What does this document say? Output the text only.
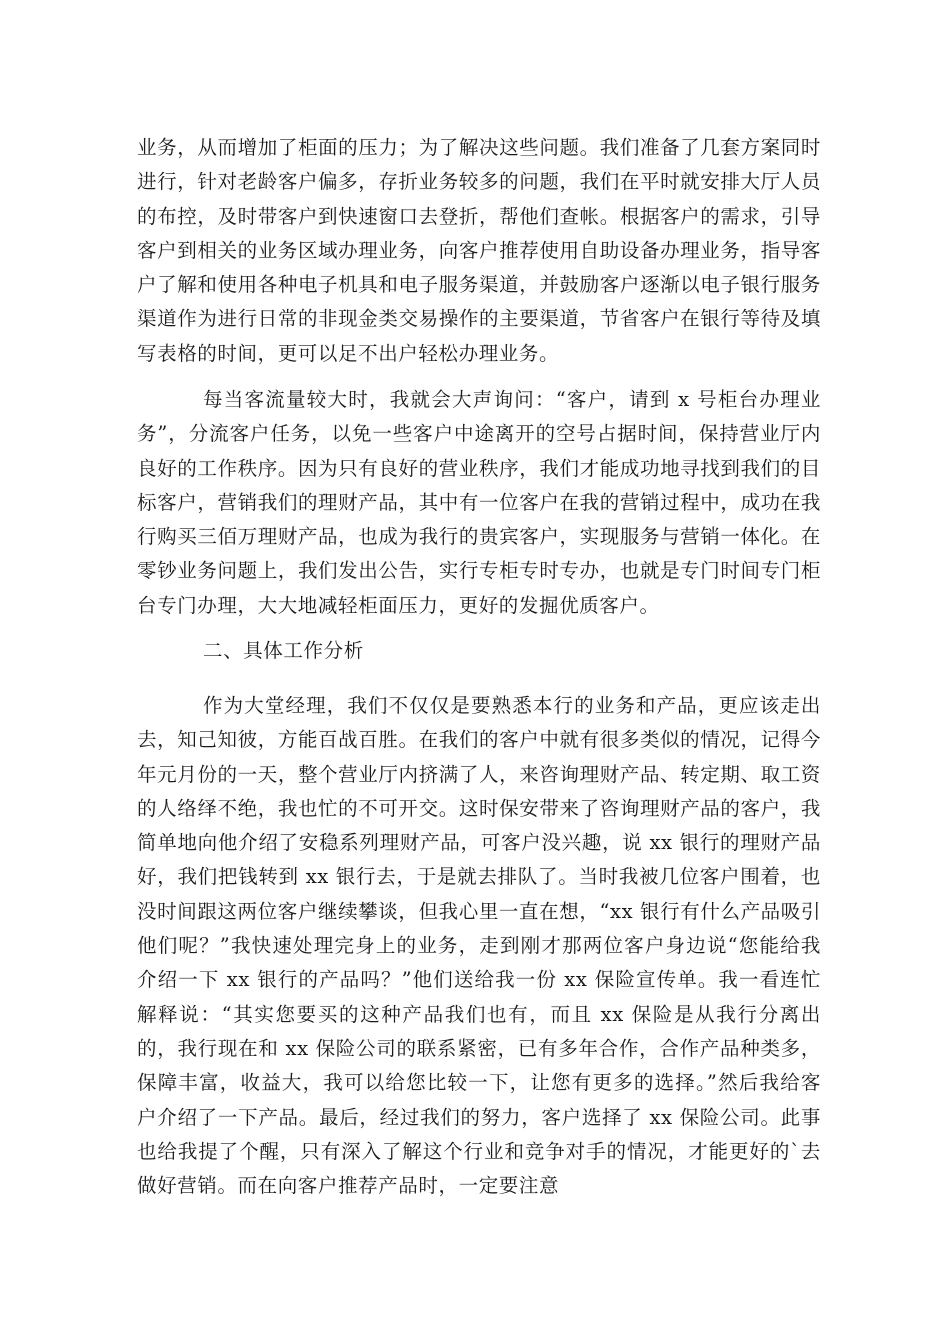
业务，从而增加了柜面的压力；为了解决这些问题。我们准备了几套方案同时进行，针对老龄客户偏多，存折业务较多的问题，我们在平时就安排大厅人员的布控，及时带客户到快速窗口去登折，帮他们查帐。根据客户的需求，引导客户到相关的业务区域办理业务，向客户推荐使用自助设备办理业务，指导客户了解和使用各种电子机具和电子服务渠道，并鼓励客户逐渐以电子银行服务渠道作为进行日常的非现金类交易操作的主要渠道，节省客户在银行等待及填写表格的时间，更可以足不出户轻松办理业务。
每当客流量较大时，我就会大声询问：“客户，请到 x 号柜台办理业务”，分流客户任务，以免一些客户中途离开的空号占据时间，保持营业厅内良好的工作秩序。因为只有良好的营业秩序，我们才能成功地寻找到我们的目标客户，营销我们的理财产品，其中有一位客户在我的营销过程中，成功在我行购买三佰万理财产品，也成为我行的贵宾客户，实现服务与营销一体化。在零钞业务问题上，我们发出公告，实行专柜专时专办，也就是专门时间专门柜台专门办理，大大地减轻柜面压力，更好的发掘优质客户。
二、具体工作分析
作为大堂经理，我们不仅仅是要熟悉本行的业务和产品，更应该走出去，知己知彼，方能百战百胜。在我们的客户中就有很多类似的情况，记得今年元月份的一天，整个营业厅内挤满了人，来咨询理财产品、转定期、取工资的人络绎不绝，我也忙的不可开交。这时保安带来了咨询理财产品的客户，我简单地向他介绍了安稳系列理财产品，可客户没兴趣，说 xx 银行的理财产品好，我们把钱转到 xx 银行去，于是就去排队了。当时我被几位客户围着，也没时间跟这两位客户继续攀谈，但我心里一直在想，“xx 银行有什么产品吸引他们呢？”我快速处理完身上的业务，走到刚才那两位客户身边说“您能给我介绍一下 xx 银行的产品吗？”他们送给我一份 xx 保险宣传单。我一看连忙解释说：“其实您要买的这种产品我们也有，而且 xx 保险是从我行分离出的，我行现在和 xx 保险公司的联系紧密，已有多年合作，合作产品种类多，保障丰富，收益大，我可以给您比较一下，让您有更多的选择。”然后我给客户介绍了一下产品。最后，经过我们的努力，客户选择了 xx 保险公司。此事也给我提了个醒，只有深入了解这个行业和竞争对手的情况，才能更好的`去做好营销。而在向客户推荐产品时，一定要注意
